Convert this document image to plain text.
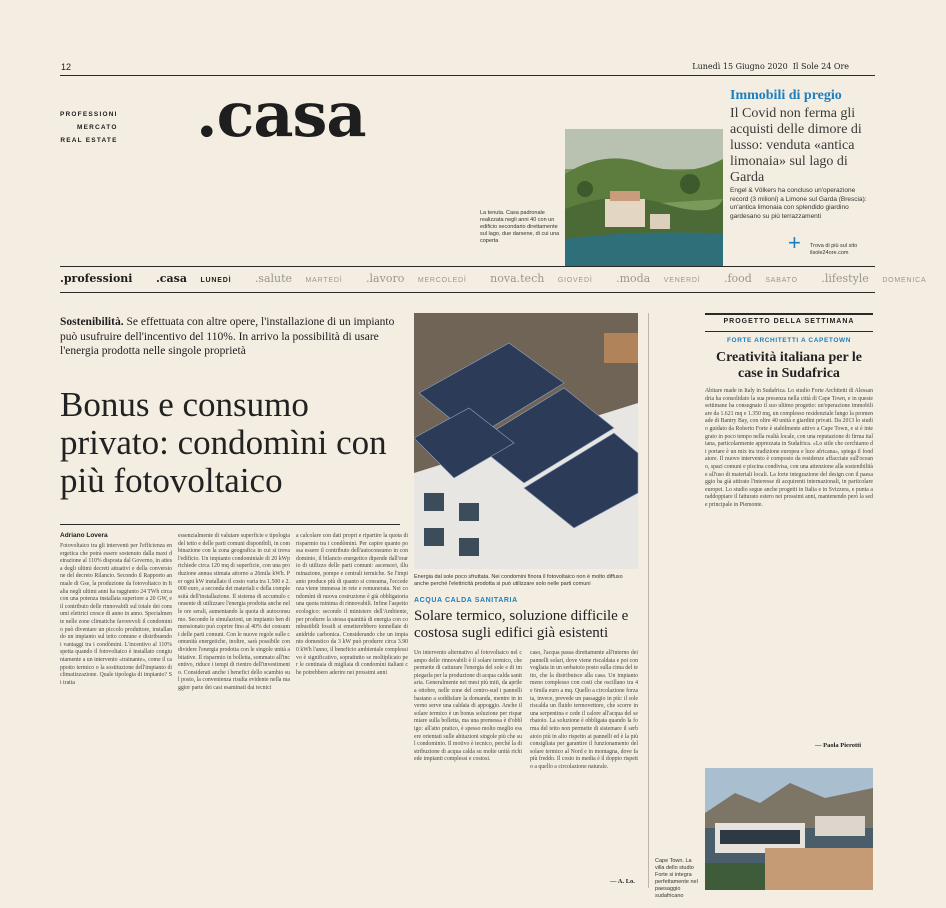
12	Lunedì 15 Giugno 2020 Il Sole 24 Ore
PROFESSIONI
MERCATO
REAL ESTATE .casa
La tenuta. Casa padronale realizzata negli anni 40 con un edificio secondario direttamente sul lago, due darsene, di cui una coperta
Immobili di pregio
Il Covid non ferma gli acquisti delle dimore di lusso: venduta «antica limonaia» sul lago di Garda
Engel & Völkers ha concluso un'operazione record (3 milioni) a Limone sul Garda (Brescia): un'antica limonaia con splendido giardino gardesano su più terrazzamenti
+ Trova di più sul sito ilsole24ore.com
.professioni .casa LUNEDÌ .salute MARTEDÌ .lavoro MERCOLEDÌ nova.tech GIOVEDÌ .moda VENERDÌ .food SABATO .lifestyle DOMENICA
Sostenibilità. Se effettuata con altre opere, l'installazione di un impianto può usufruire dell'incentivo del 110%. In arrivo la possibilità di usare l'energia prodotta nelle singole proprietà
Bonus e consumo privato: condomìni con più fotovoltaico
Adriano Lovera
Fotovoltaico tra gli interventi per l'efficienza energetica che potrà essere sostenuto dalla maxi detrazione al 110% disposta dal Governo, in attesa degli ultimi decreti attuativi e della conversione del decreto Rilancio. Secondo il Rapporto annuale di Gse, la produzione da fotovoltaico in Italia negli ultimi anni ha raggiunto 24 TWh circa con una potenza installata superiore a 20 GW, e il contributo delle rinnovabili sul totale dei consumi elettrici cresce di anno in anno. Specialmente nelle zone climatiche favorevoli il condominio può diventare un piccolo produttore, installando un impianto sul tetto comune e distribuendo i vantaggi tra i condòmini. L'incentivo al 110% spetta quando il fotovoltaico è installato congiuntamente a un intervento «trainante», come il cappotto termico o la sostituzione dell'impianto di climatizzazione. Quale tipologia di impianto? Si tratta
essenzialmente di valutare superficie e tipologia del tetto e delle parti comuni disponibili, in combinazione con la zona geografica in cui si trova l'edificio. Un impianto condominiale di 20 kWp richiede circa 120 mq di superficie, con una produzione annua stimata attorno a 26mila kWh. Per ogni kW installato il costo varia tra 1.500 e 2.000 euro, a seconda dei materiali e della complessità dell'installazione. Il sistema di accumulo consente di utilizzare l'energia prodotta anche nelle ore serali, aumentando la quota di autoconsumo. Secondo le simulazioni, un impianto ben dimensionato può coprire fino al 40% dei consumi delle parti comuni. Con le nuove regole sulle comunità energetiche, inoltre, sarà possibile condividere l'energia prodotta con le singole unità abitative. Il risparmio in bolletta, sommato all'incentivo, riduce i tempi di rientro dell'investimento. Considerati anche i benefici dello scambio sul posto, la convenienza risulta evidente nella maggior parte dei casi esaminati dai tecnici
a calcolare con dati propri e ripartire la quota di risparmio tra i condòmini. Per capire quanto possa essere il contributo dell'autoconsumo in condominio, il bilancio energetico dipende dall'orario di utilizzo delle parti comuni: ascensori, illuminazione, pompe e centrali termiche. Se l'impianto produce più di quanto si consuma, l'eccedenza viene immessa in rete e remunerata. Nei condomìni di nuova costruzione è già obbligatoria una quota minima di rinnovabili. Infine l'aspetto ecologico: secondo il ministero dell'Ambiente, per produrre la stessa quantità di energia con combustibili fossili si emetterebbero tonnellate di anidride carbonica. Considerando che un impianto domestico da 3 kW può produrre circa 3.900 kWh l'anno, il beneficio ambientale complessivo è significativo, soprattutto se moltiplicato per le centinaia di migliaia di condomìni italiani che potrebbero aderire nei prossimi anni
Energia dal sole poco sfruttata. Nei condomini finora il fotovoltaico non è molto diffuso anche perché l'elettricità prodotta si può utilizzare solo nelle parti comuni
ACQUA CALDA SANITARIA
Solare termico, soluzione difficile e costosa sugli edifici già esistenti
Un intervento alternativo al fotovoltaico nel campo delle rinnovabili è il solare termico, che permette di catturare l'energia del sole e di impiegarla per la produzione di acqua calda sanitaria. Generalmente nei mesi più miti, da aprile a ottobre, nelle zone del centro-sud i pannelli bastano a soddisfare la domanda, mentre in inverno serve una caldaia di appoggio. Anche il solare termico è un bonus soluzione per risparmiare sulla bolletta, ma una premessa è d'obbligo: all'atto pratico, è spesso molto meglio essere orientati sulle abitazioni singole più che sul condominio. Il motivo è tecnico, perché la distribuzione di acqua calda su molte unità richiede impianti complessi e costosi.
caso, l'acqua passa direttamente all'interno dei pannelli solari, dove viene riscaldata e poi convogliata in un serbatoio posto sulla cima del tetto, che la distribuisce alla casa. Un impianto meno complesso con costi che oscillano tra 4 e 6mila euro a mq. Quello a circolazione forzata, invece, prevede un passaggio in più: il sole riscalda un fluido termovettore, che scorre in una serpentina e cede il calore all'acqua del serbatoio. La soluzione è obbligata quando la forma del tetto non permette di sistemare il serbatoio più in alto rispetto ai pannelli ed è la più consigliata per garantire il funzionamento del solare termico al Nord e in montagna, dove fa più freddo. Il costo in media è il doppio rispetto a quello a circolazione naturale.
— A. Lo.
PROGETTO DELLA SETTIMANA
FORTE ARCHITETTI A CAPETOWN
Creatività italiana per le case in Sudafrica
Abitare made in Italy in Sudafrica. Lo studio Forte Architetti di Alessandria ha consolidato la sua presenza nella città di Cape Town, e in queste settimane ha consegnato il suo ultimo progetto: un'operazione immobiliare da 1.621 mq e 1.350 mq, un complesso residenziale lungo la promenade di Bantry Bay, con oltre 40 unità e giardini privati. Da 2013 lo studio guidato da Roberto Forte è stabilmente attivo a Cape Town, e si è integrato in poco tempo nella realtà locale, con una reputazione di firma italiana, particolarmente apprezzata in Sudafrica. «Lo stile che cerchiamo di portare è un mix tra tradizione europea e luce africana», spiega il fondatore. Il nuovo intervento è composto da residenze affacciate sull'oceano, spazi comuni e piscina condivisa, con una attenzione alla sostenibilità e all'uso di materiali locali. La forte integrazione del design con il paesaggio ha già attirato l'interesse di acquirenti internazionali, in particolare europei. Lo studio segue anche progetti in Italia e in Svizzera, e punta a raddoppiare il fatturato estero nei prossimi anni, mantenendo però la sede principale in Piemonte.
— Paola Pierotti
Cape Town. La villa dello studio Forte si integra perfettamente nel paesaggio sudafricano
